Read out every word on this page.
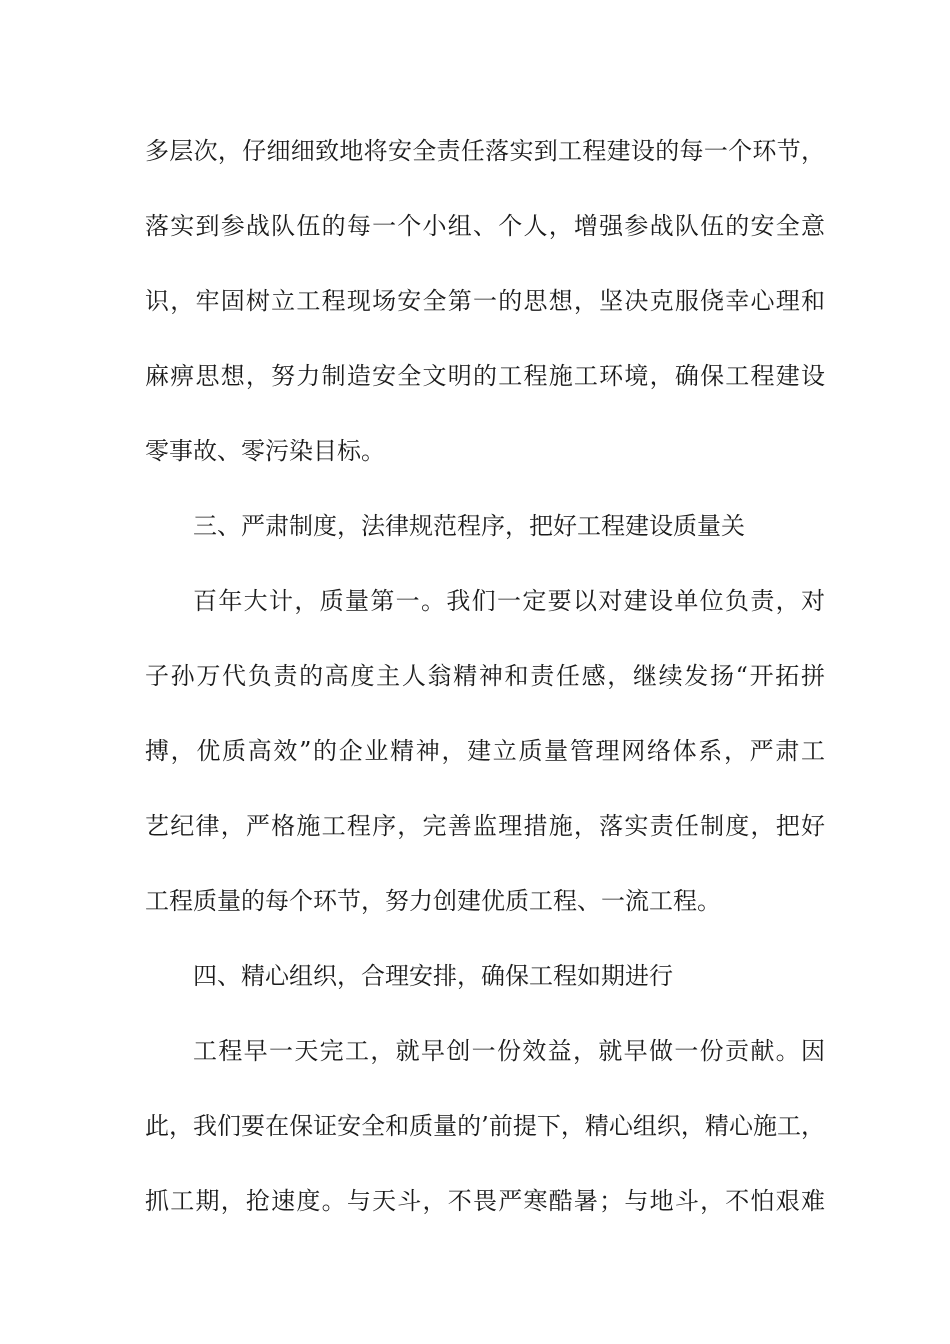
多层次，仔细细致地将安全责任落实到工程建设的每一个环节，
落实到参战队伍的每一个小组、个人，增强参战队伍的安全意
识，牢固树立工程现场安全第一的思想，坚决克服侥幸心理和
麻痹思想，努力制造安全文明的工程施工环境，确保工程建设
零事故、零污染目标。
三、严肃制度，法律规范程序，把好工程建设质量关
百年大计，质量第一。我们一定要以对建设单位负责，对
子孙万代负责的高度主人翁精神和责任感，继续发扬“开拓拼
搏，优质高效”的企业精神，建立质量管理网络体系，严肃工
艺纪律，严格施工程序，完善监理措施，落实责任制度，把好
工程质量的每个环节，努力创建优质工程、一流工程。
四、精心组织，合理安排，确保工程如期进行
工程早一天完工，就早创一份效益，就早做一份贡献。因
此，我们要在保证安全和质量的’前提下，精心组织，精心施工，
抓工期，抢速度。与天斗，不畏严寒酷暑；与地斗，不怕艰难
